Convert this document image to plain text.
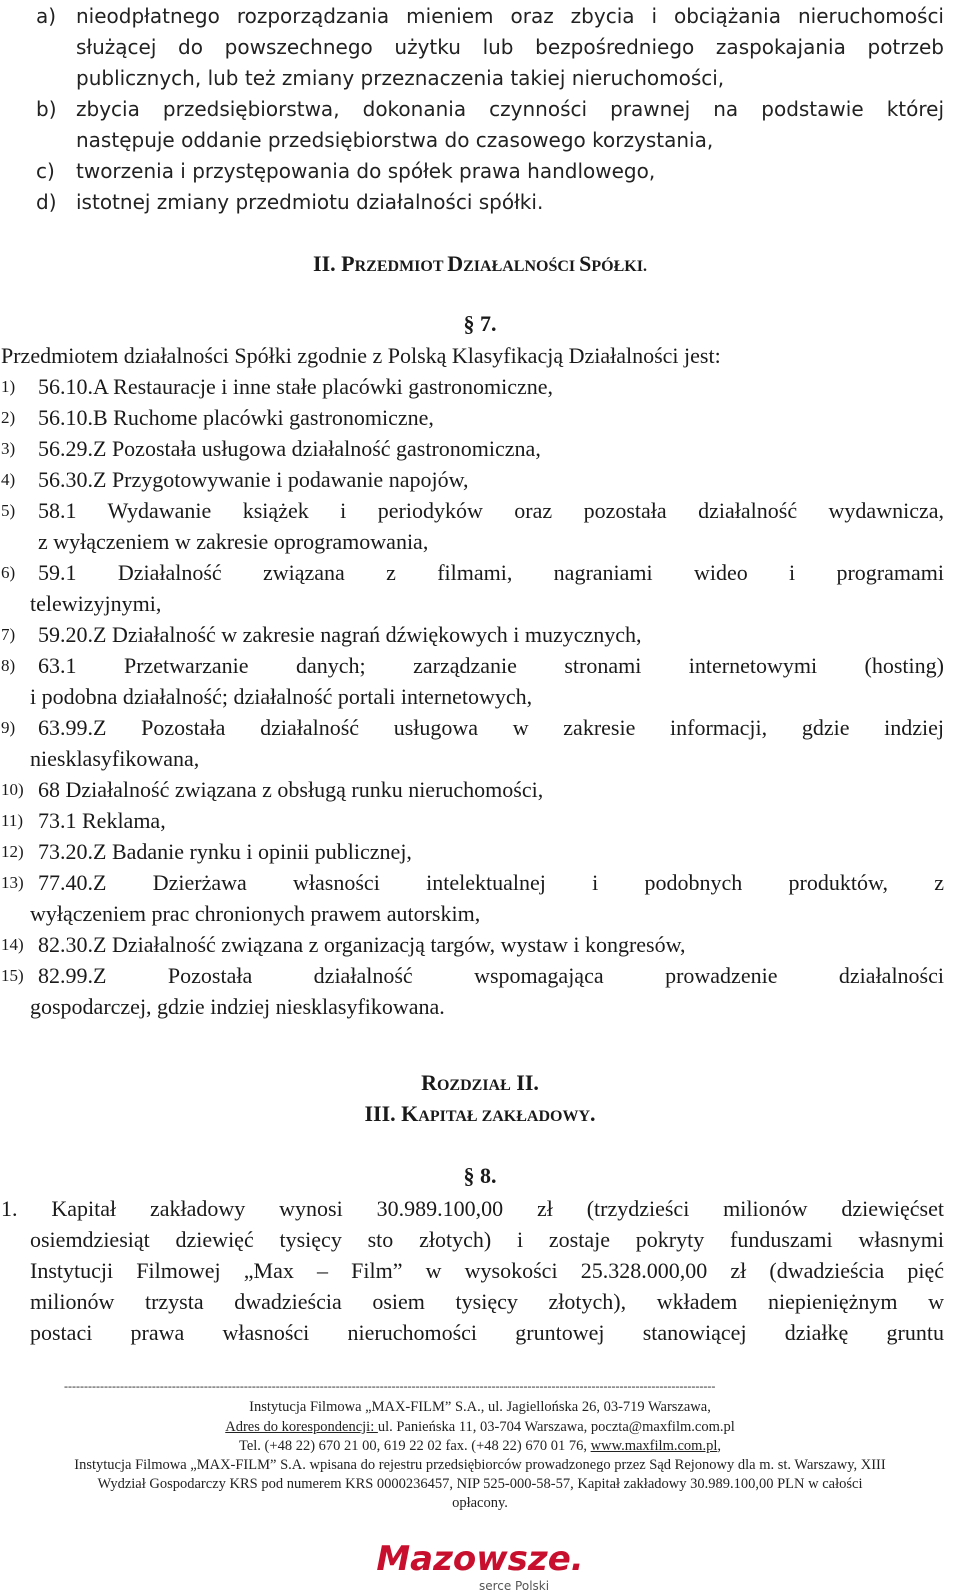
a) nieodpłatnego rozporządzania mieniem oraz zbycia i obciążania nieruchomości
służącej do powszechnego użytku lub bezpośredniego zaspokajania potrzeb
publicznych, lub też zmiany przeznaczenia takiej nieruchomości,
b) zbycia przedsiębiorstwa, dokonania czynności prawnej na podstawie której
następuje oddanie przedsiębiorstwa do czasowego korzystania,
c) tworzenia i przystępowania do spółek prawa handlowego,
d) istotnej zmiany przedmiotu działalności spółki.
II. PRZEDMIOT DZIAŁALNOŚCI SPÓŁKI.
§ 7.
Przedmiotem działalności Spółki zgodnie z Polską Klasyfikacją Działalności jest:
1) 56.10.A Restauracje i inne stałe placówki gastronomiczne,
2) 56.10.B Ruchome placówki gastronomiczne,
3) 56.29.Z Pozostała usługowa działalność gastronomiczna,
4) 56.30.Z Przygotowywanie i podawanie napojów,
5) 58.1 Wydawanie książek i periodyków oraz pozostała działalność wydawnicza,
z wyłączeniem w zakresie oprogramowania,
6) 59.1 Działalność związana z filmami, nagraniami wideo i programami
telewizyjnymi,
7) 59.20.Z Działalność w zakresie nagrań dźwiękowych i muzycznych,
8) 63.1 Przetwarzanie danych; zarządzanie stronami internetowymi (hosting)
i podobna działalność; działalność portali internetowych,
9) 63.99.Z Pozostała działalność usługowa w zakresie informacji, gdzie indziej
niesklasyfikowana,
10) 68 Działalność związana z obsługą runku nieruchomości,
11) 73.1 Reklama,
12) 73.20.Z Badanie rynku i opinii publicznej,
13) 77.40.Z Dzierżawa własności intelektualnej i podobnych produktów, z
wyłączeniem prac chronionych prawem autorskim,
14) 82.30.Z Działalność związana z organizacją targów, wystaw i kongresów,
15) 82.99.Z Pozostała działalność wspomagająca prowadzenie działalności
gospodarczej, gdzie indziej niesklasyfikowana.
ROZDZIAŁ II.
III. KAPITAŁ ZAKŁADOWY.
§ 8.
1. Kapitał zakładowy wynosi 30.989.100,00 zł (trzydzieści milionów dziewięćset
osiemdziesiąt dziewięć tysięcy sto złotych) i zostaje pokryty funduszami własnymi
Instytucji Filmowej „Max – Film” w wysokości 25.328.000,00 zł (dwadzieścia pięć
milionów trzysta dwadzieścia osiem tysięcy złotych), wkładem niepieniężnym w
postaci prawa własności nieruchomości gruntowej stanowiącej działkę gruntu
-------------------------------------------------------------------------------------------------------------------------------------------------------------------
Instytucja Filmowa „MAX-FILM” S.A., ul. Jagiellońska 26, 03-719 Warszawa,
Adres do korespondencji: ul. Panieńska 11, 03-704 Warszawa, poczta@maxfilm.com.pl
Tel. (+48 22) 670 21 00, 619 22 02 fax. (+48 22) 670 01 76, www.maxfilm.com.pl,
Instytucja Filmowa „MAX-FILM” S.A. wpisana do rejestru przedsiębiorców prowadzonego przez Sąd Rejonowy dla m. st. Warszawy, XIII
Wydział Gospodarczy KRS pod numerem KRS 0000236457, NIP 525-000-58-57, Kapitał zakładowy 30.989.100,00 PLN w całości
opłacony.
Mazowsze.
serce Polski
